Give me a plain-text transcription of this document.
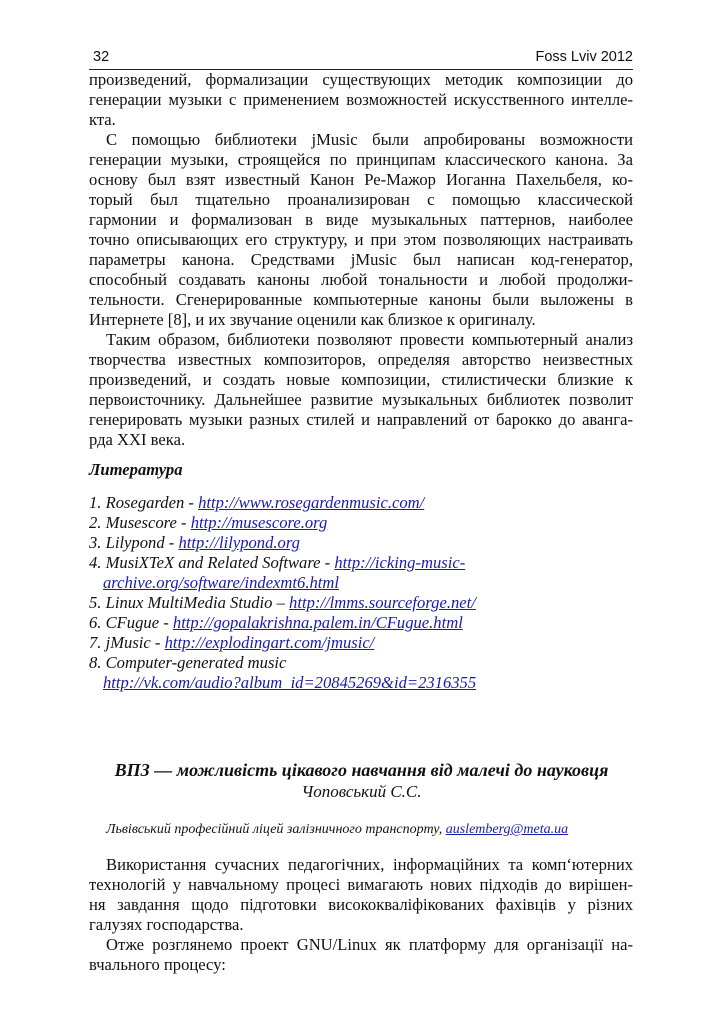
32	Foss Lviv 2012
произведений, формализации существующих методик композиции до
генерации музыки с применением возможностей искусственного интелле-
кта.
С помощью библиотеки jMusic были апробированы возможности
генерации музыки, строящейся по принципам классического канона. За
основу был взят известный Канон Ре-Мажор Иоганна Пахельбеля, ко-
торый был тщательно проанализирован с помощью классической
гармонии и формализован в виде музыкальных паттернов, наиболее
точно описывающих его структуру, и при этом позволяющих настраивать
параметры канона. Средствами jMusic был написан код-генератор,
способный создавать каноны любой тональности и любой продолжи-
тельности. Сгенерированные компьютерные каноны были выложены в
Интернете [8], и их звучание оценили как близкое к оригиналу.
Таким образом, библиотеки позволяют провести компьютерный анализ
творчества известных композиторов, определяя авторство неизвестных
произведений, и создать новые композиции, стилистически близкие к
первоисточнику. Дальнейшее развитие музыкальных библиотек позволит
генерировать музыки разных стилей и направлений от барокко до аванга-
рда XXI века.
Литература
1. Rosegarden - http://www.rosegardenmusic.com/
2. Musescore - http://musescore.org
3. Lilypond - http://lilypond.org
4. MusiXTeX and Related Software - http://icking-music-
archive.org/software/indexmt6.html
5. Linux MultiMedia Studio – http://lmms.sourceforge.net/
6. CFugue - http://gopalakrishna.palem.in/CFugue.html
7. jMusic - http://explodingart.com/jmusic/
8. Computer-generated music
http://vk.com/audio?album_id=20845269&id=2316355
ВПЗ — можливість цікавого навчання від малечі до науковця
Чоповський С.С.
Львівський професійний ліцей залізничного транспорту, auslemberg@meta.ua
Використання сучасних педагогічних, інформаційних та комп‘ютерних
технологій у навчальному процесі вимагають нових підходів до вирішен-
ня завдання щодо підготовки висококваліфікованих фахівців у різних
галузях господарства.
Отже розглянемо проект GNU/Linux як платформу для організації на-
вчального процесу:
